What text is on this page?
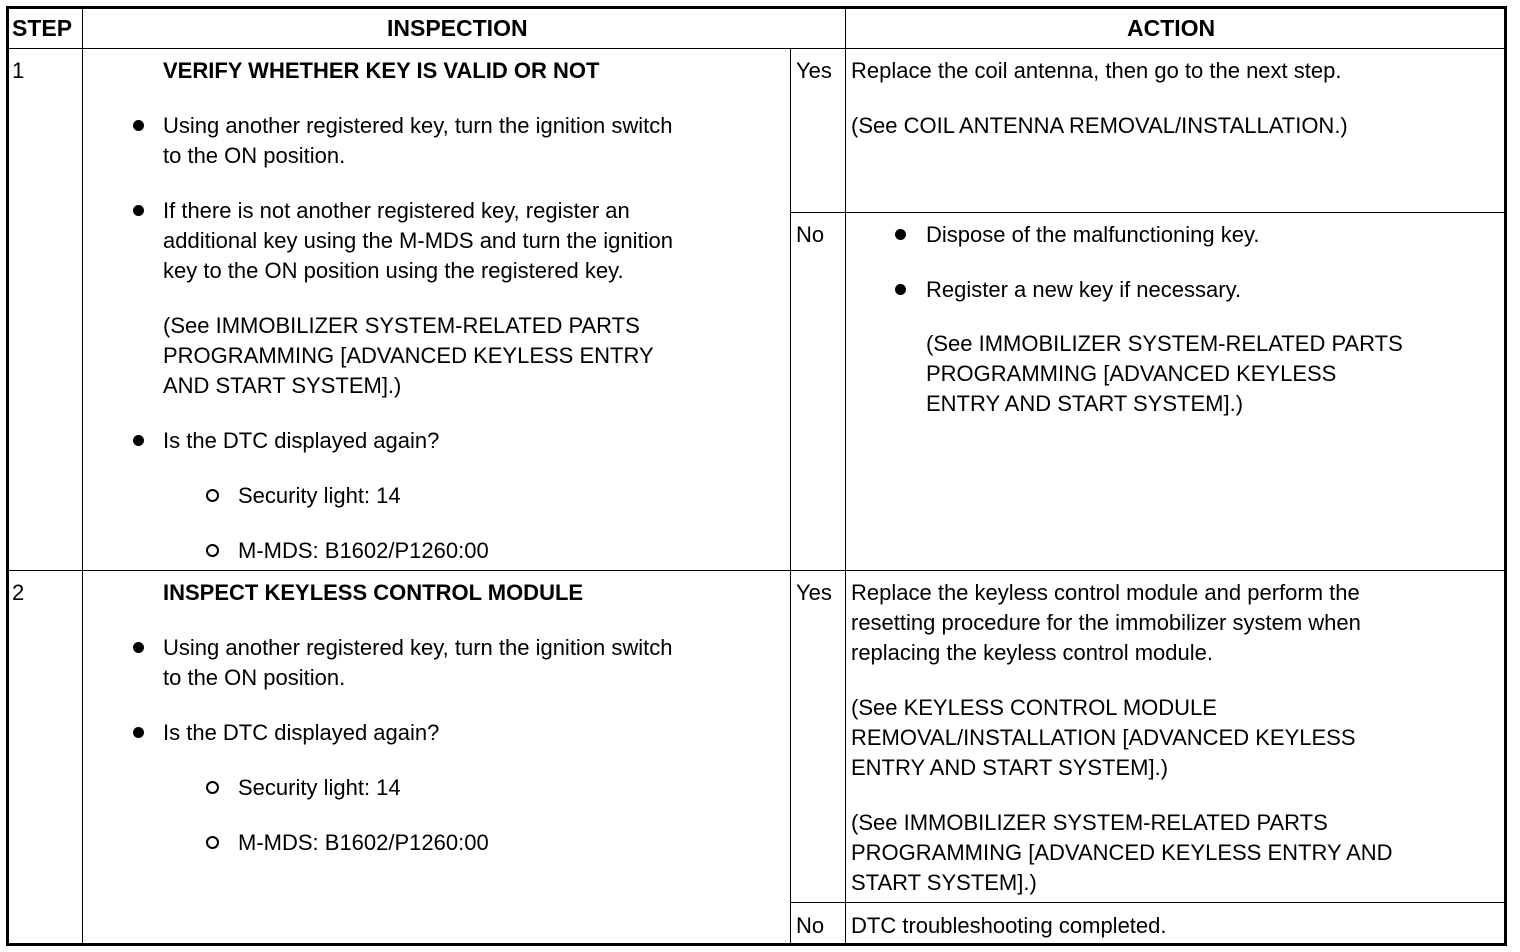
STEP	INSPECTION	ACTION
1	VERIFY WHETHER KEY IS VALID OR NOT
Using another registered key, turn the ignition switch
to the ON position.
If there is not another registered key, register an
additional key using the M-MDS and turn the ignition
key to the ON position using the registered key.
(See IMMOBILIZER SYSTEM-RELATED PARTS
PROGRAMMING [ADVANCED KEYLESS ENTRY
AND START SYSTEM].)
Is the DTC displayed again?
Security light: 14
M-MDS: B1602/P1260:00
Yes Replace the coil antenna, then go to the next step.
(See COIL ANTENNA REMOVAL/INSTALLATION.)
No	Dispose of the malfunctioning key.
Register a new key if necessary.
(See IMMOBILIZER SYSTEM-RELATED PARTS
PROGRAMMING [ADVANCED KEYLESS
ENTRY AND START SYSTEM].)
2	INSPECT KEYLESS CONTROL MODULE
Using another registered key, turn the ignition switch
to the ON position.
Is the DTC displayed again?
Security light: 14
M-MDS: B1602/P1260:00
Yes Replace the keyless control module and perform the
resetting procedure for the immobilizer system when
replacing the keyless control module.
(See KEYLESS CONTROL MODULE
REMOVAL/INSTALLATION [ADVANCED KEYLESS
ENTRY AND START SYSTEM].)
(See IMMOBILIZER SYSTEM-RELATED PARTS
PROGRAMMING [ADVANCED KEYLESS ENTRY AND
START SYSTEM].)
No DTC troubleshooting completed.
